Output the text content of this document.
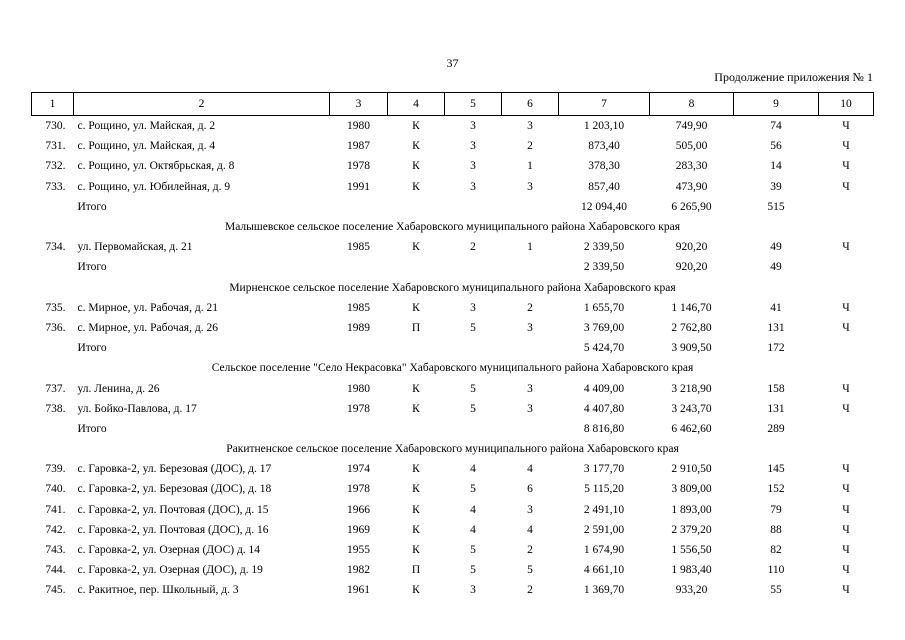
37
Продолжение приложения № 1
1	2	3	4	5	6	7	8	9	10
730.	с. Рощино, ул. Майская, д. 2	1980	К	3	3	1 203,10	749,90	74	Ч
731.	с. Рощино, ул. Майская, д. 4	1987	К	3	2	873,40	505,00	56	Ч
732.	с. Рощино, ул. Октябрьская, д. 8	1978	К	3	1	378,30	283,30	14	Ч
733.	с. Рощино, ул. Юбилейная, д. 9	1991	К	3	3	857,40	473,90	39	Ч
	Итого					12 094,40	6 265,90	515	
Малышевское сельское поселение Хабаровского муниципального района Хабаровского края									
734.	ул. Первомайская, д. 21	1985	К	2	1	2 339,50	920,20	49	Ч
	Итого					2 339,50	920,20	49	
Мирненское сельское поселение Хабаровского муниципального района Хабаровского края									
735.	с. Мирное, ул. Рабочая, д. 21	1985	К	3	2	1 655,70	1 146,70	41	Ч
736.	с. Мирное, ул. Рабочая, д. 26	1989	П	5	3	3 769,00	2 762,80	131	Ч
	Итого					5 424,70	3 909,50	172	
Сельское поселение "Село Некрасовка" Хабаровского муниципального района Хабаровского края									
737.	ул. Ленина, д. 26	1980	К	5	3	4 409,00	3 218,90	158	Ч
738.	ул. Бойко-Павлова, д. 17	1978	К	5	3	4 407,80	3 243,70	131	Ч
	Итого					8 816,80	6 462,60	289	
Ракитненское сельское поселение Хабаровского муниципального района Хабаровского края									
739.	с. Гаровка-2, ул. Березовая (ДОС), д. 17	1974	К	4	4	3 177,70	2 910,50	145	Ч
740.	с. Гаровка-2, ул. Березовая (ДОС), д. 18	1978	К	5	6	5 115,20	3 809,00	152	Ч
741.	с. Гаровка-2, ул. Почтовая (ДОС), д. 15	1966	К	4	3	2 491,10	1 893,00	79	Ч
742.	с. Гаровка-2, ул. Почтовая (ДОС), д. 16	1969	К	4	4	2 591,00	2 379,20	88	Ч
743.	с. Гаровка-2, ул. Озерная (ДОС) д. 14	1955	К	5	2	1 674,90	1 556,50	82	Ч
744.	с. Гаровка-2, ул. Озерная (ДОС), д. 19	1982	П	5	5	4 661,10	1 983,40	110	Ч
745.	с. Ракитное, пер. Школьный, д. 3	1961	К	3	2	1 369,70	933,20	55	Ч
